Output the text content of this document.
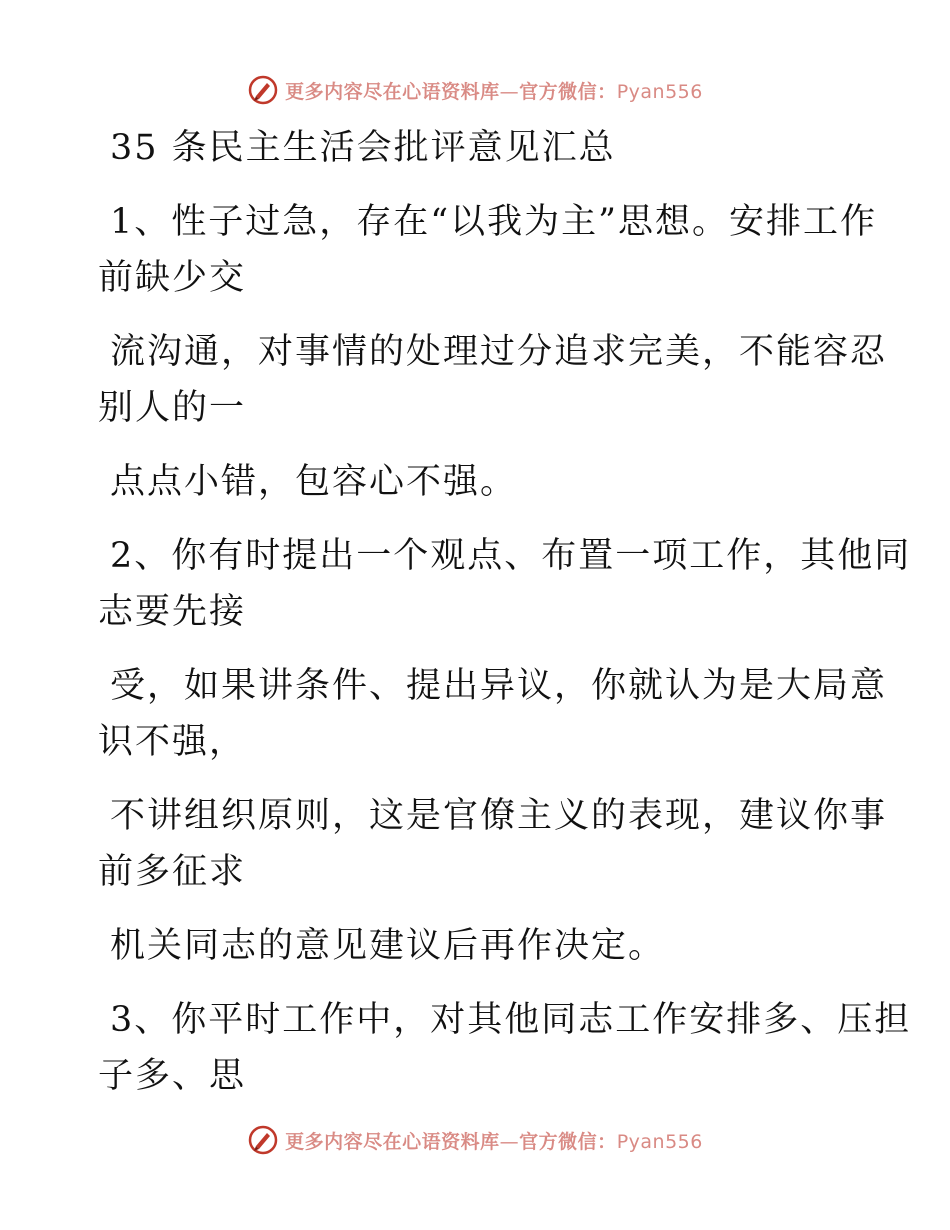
更多内容尽在心语资料库—官方微信：Pyan556
35 条民主生活会批评意见汇总
1、性子过急，存在“以我为主”思想。安排工作
前缺少交
流沟通，对事情的处理过分追求完美，不能容忍
别人的一
点点小错，包容心不强。
2、你有时提出一个观点、布置一项工作，其他同
志要先接
受，如果讲条件、提出异议，你就认为是大局意
识不强，
不讲组织原则，这是官僚主义的表现，建议你事
前多征求
机关同志的意见建议后再作决定。
3、你平时工作中，对其他同志工作安排多、压担
子多、思
更多内容尽在心语资料库—官方微信：Pyan556
